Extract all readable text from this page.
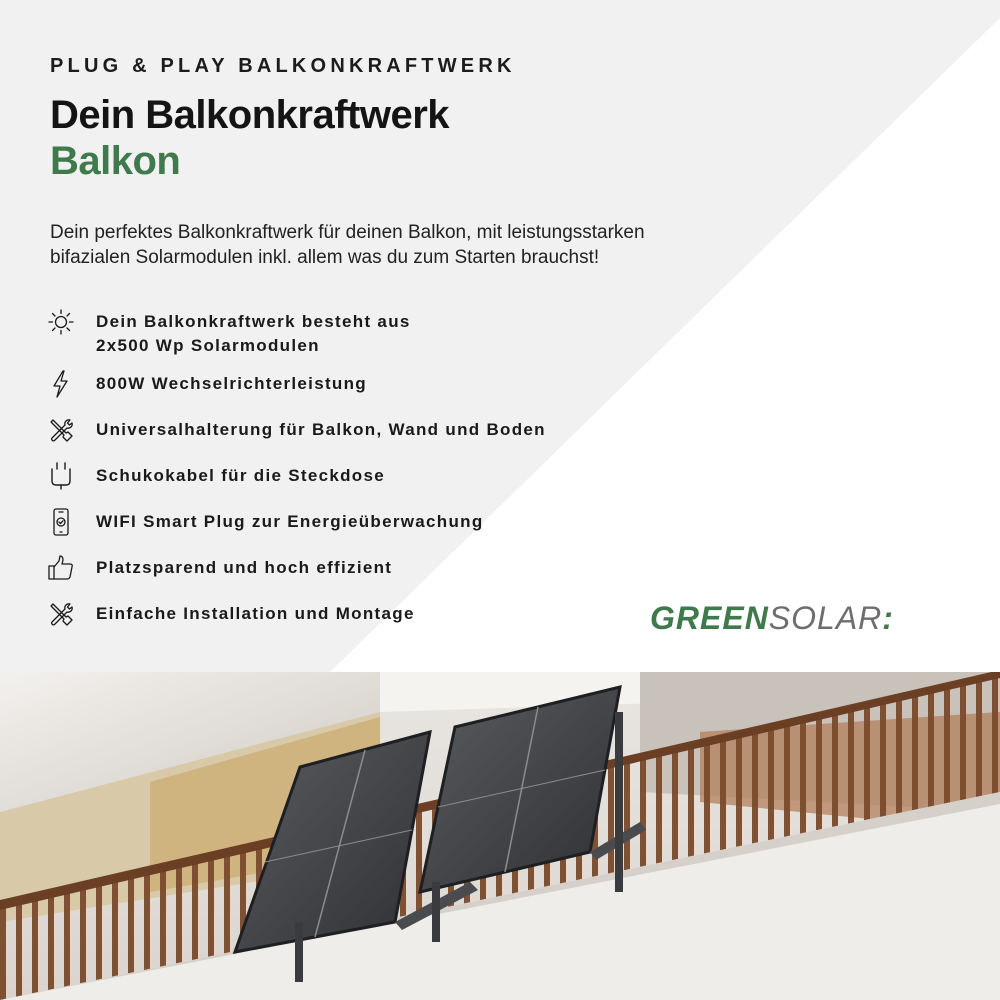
PLUG & PLAY BALKONKRAFTWERK
Dein Balkonkraftwerk
Balkon
Dein perfektes Balkonkraftwerk für deinen Balkon, mit leistungsstarken
bifazialen Solarmodulen inkl. allem was du zum Starten brauchst!
Dein Balkonkraftwerk besteht aus
2x500 Wp Solarmodulen
800W Wechselrichterleistung
Universalhalterung für Balkon, Wand und Boden
Schukokabel für die Steckdose
WIFI Smart Plug zur Energieüberwachung
Platzsparend und hoch effizient
Einfache Installation und Montage	GREENSOLAR:
